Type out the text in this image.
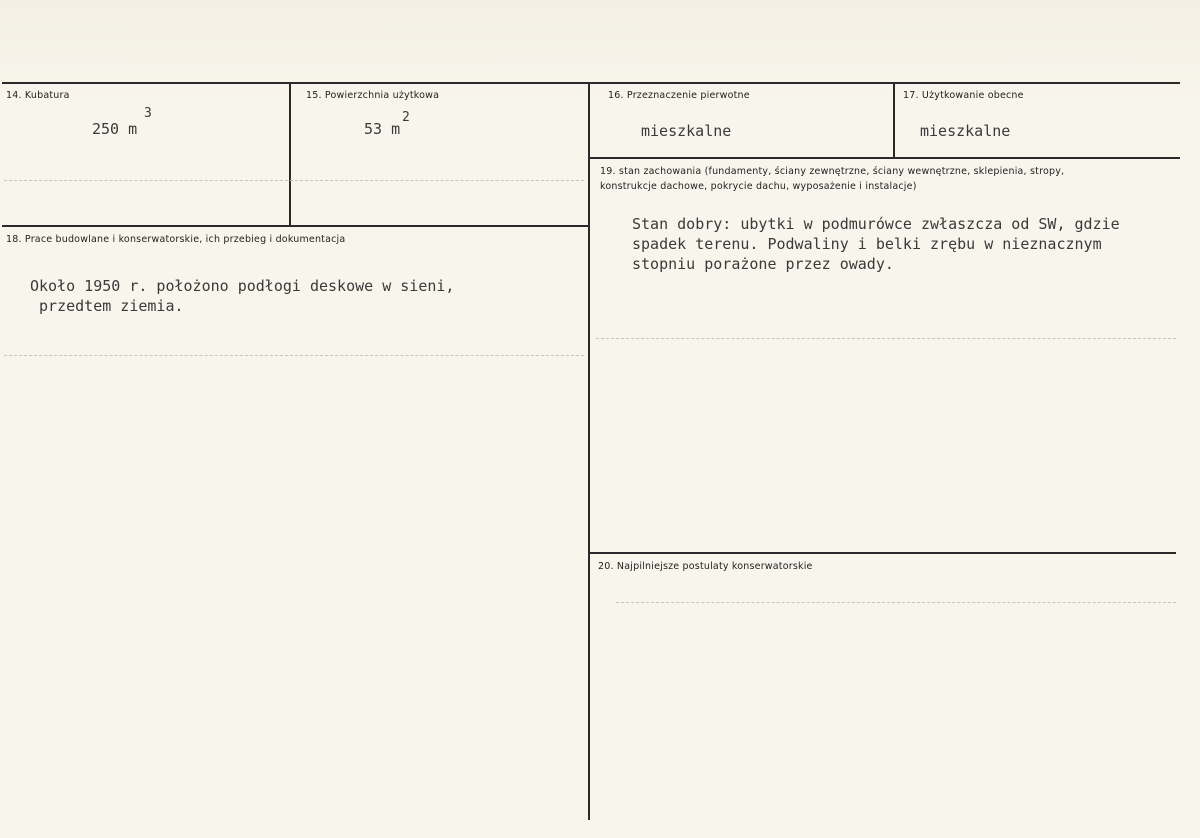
14. Kubatura
250 m
3
15. Powierzchnia użytkowa
53 m
2
16. Przeznaczenie pierwotne
mieszkalne
17. Użytkowanie obecne
mieszkalne
19. stan zachowania (fundamenty, ściany zewnętrzne, ściany wewnętrzne, sklepienia, stropy, konstrukcje dachowe, pokrycie dachu, wyposażenie i instalacje)
Stan dobry: ubytki w podmurówce zwłaszcza od SW, gdzie
spadek terenu. Podwaliny i belki zrębu w nieznacznym
stopniu porażone przez owady.
18. Prace budowlane i konserwatorskie, ich przebieg i dokumentacja
Około 1950 r. położono podłogi deskowe w sieni,
przedtem ziemia.
20. Najpilniejsze postulaty konserwatorskie
